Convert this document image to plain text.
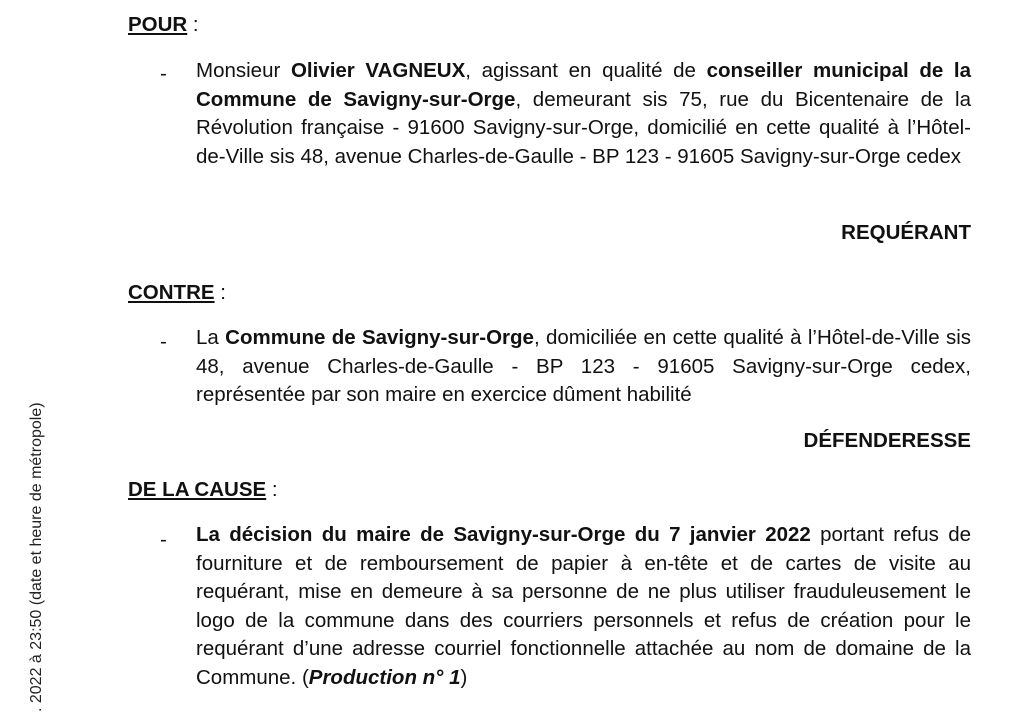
. 2022 à 23:50 (date et heure de métropole)

POUR :

- Monsieur Olivier VAGNEUX, agissant en qualité de conseiller municipal de la Commune de Savigny-sur-Orge, demeurant sis 75, rue du Bicentenaire de la Révolution française - 91600 Savigny-sur-Orge, domicilié en cette qualité à l’Hôtel-de-Ville sis 48, avenue Charles-de-Gaulle - BP 123 - 91605 Savigny-sur-Orge cedex

REQUÉRANT

CONTRE :

- La Commune de Savigny-sur-Orge, domiciliée en cette qualité à l’Hôtel-de-Ville sis 48, avenue Charles-de-Gaulle - BP 123 - 91605 Savigny-sur-Orge cedex, représentée par son maire en exercice dûment habilité

DÉFENDERESSE

DE LA CAUSE :

- La décision du maire de Savigny-sur-Orge du 7 janvier 2022 portant refus de fourniture et de remboursement de papier à en-tête et de cartes de visite au requérant, mise en demeure à sa personne de ne plus utiliser frauduleusement le logo de la commune dans des courriers personnels et refus de création pour le requérant d’une adresse courriel fonctionnelle attachée au nom de domaine de la Commune. (Production n° 1)
